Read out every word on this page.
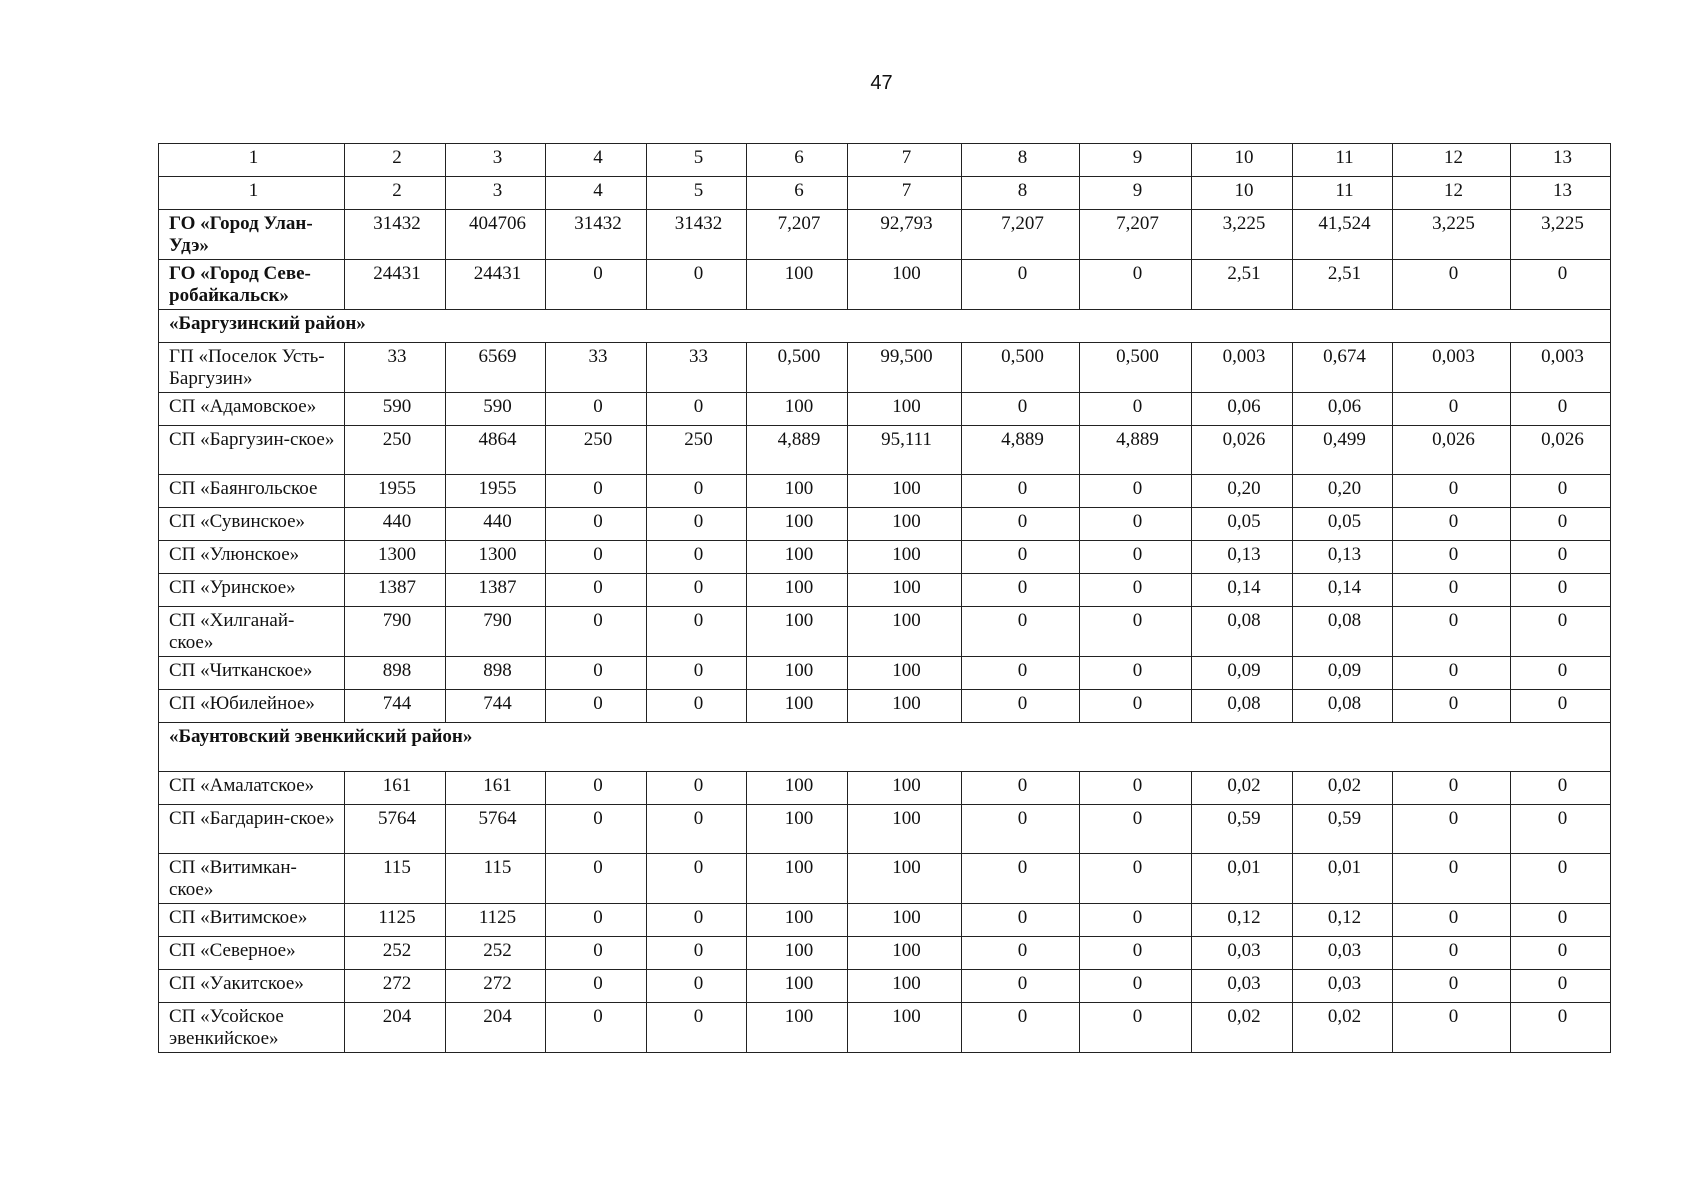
47
1	2	3	4	5	6	7	8	9	10	11	12	13
1	2	3	4	5	6	7	8	9	10	11	12	13
ГО «Город Улан-Удэ»	31432	404706	31432	31432	7,207	92,793	7,207	7,207	3,225	41,524	3,225	3,225
ГО «Город Севе-робайкальск»	24431	24431	0	0	100	100	0	0	2,51	2,51	0	0
«Баргузинский район»												
ГП «Поселок Усть-Баргузин»	33	6569	33	33	0,500	99,500	0,500	0,500	0,003	0,674	0,003	0,003
СП «Адамовское»	590	590	0	0	100	100	0	0	0,06	0,06	0	0
СП «Баргузин-ское»	250	4864	250	250	4,889	95,111	4,889	4,889	0,026	0,499	0,026	0,026
СП «Баянгольское	1955	1955	0	0	100	100	0	0	0,20	0,20	0	0
СП «Сувинское»	440	440	0	0	100	100	0	0	0,05	0,05	0	0
СП «Улюнское»	1300	1300	0	0	100	100	0	0	0,13	0,13	0	0
СП «Уринское»	1387	1387	0	0	100	100	0	0	0,14	0,14	0	0
СП «Хилганай-ское»	790	790	0	0	100	100	0	0	0,08	0,08	0	0
СП «Читканское»	898	898	0	0	100	100	0	0	0,09	0,09	0	0
СП «Юбилейное»	744	744	0	0	100	100	0	0	0,08	0,08	0	0
«Баунтовский эвенкийский район»												
СП «Амалатское»	161	161	0	0	100	100	0	0	0,02	0,02	0	0
СП «Багдарин-ское»	5764	5764	0	0	100	100	0	0	0,59	0,59	0	0
СП «Витимкан-ское»	115	115	0	0	100	100	0	0	0,01	0,01	0	0
СП «Витимское»	1125	1125	0	0	100	100	0	0	0,12	0,12	0	0
СП «Северное»	252	252	0	0	100	100	0	0	0,03	0,03	0	0
СП «Уакитское»	272	272	0	0	100	100	0	0	0,03	0,03	0	0
СП «Усойское эвенкийское»	204	204	0	0	100	100	0	0	0,02	0,02	0	0
